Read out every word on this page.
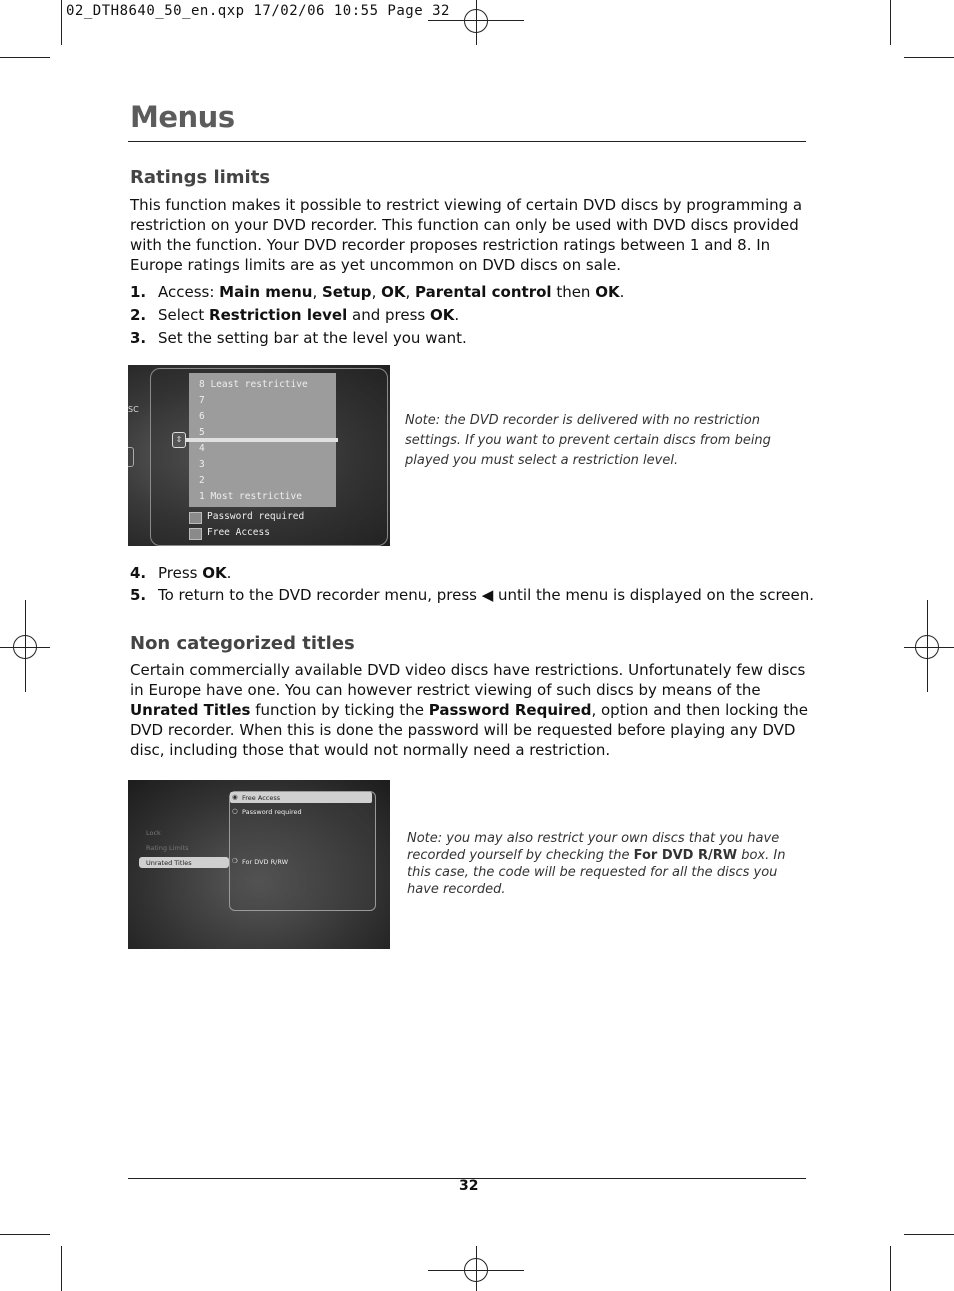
02_DTH8640_50_en.qxp 17/02/06 10:55 Page 32
Menus
Ratings limits
This function makes it possible to restrict viewing of certain DVD discs by programming a restriction on your DVD recorder. This function can only be used with DVD discs provided with the function. Your DVD recorder proposes restriction ratings between 1 and 8. In Europe ratings limits are as yet uncommon on DVD discs on sale.
1. Access: Main menu, Setup, OK, Parental control then OK.
2. Select Restriction level and press OK.
3. Set the setting bar at the level you want.
SC
8 Least restrictive
7
6
5
⇕
4
3
2
1 Most restrictive
Password required
Free Access
Note: the DVD recorder is delivered with no restriction settings. If you want to prevent certain discs from being played you must select a restriction level.
4. Press OK.
5. To return to the DVD recorder menu, press ◀ until the menu is displayed on the screen.
Non categorized titles
Certain commercially available DVD video discs have restrictions. Unfortunately few discs in Europe have one. You can however restrict viewing of such discs by means of the Unrated Titles function by ticking the Password Required, option and then locking the DVD recorder. When this is done the password will be requested before playing any DVD disc, including those that would not normally need a restriction.
Lock
Rating Limits
Unrated Titles
◉ Free Access
○ Password required
❍ For DVD R/RW
Note: you may also restrict your own discs that you have recorded yourself by checking the For DVD R/RW box. In this case, the code will be requested for all the discs you have recorded.
32
